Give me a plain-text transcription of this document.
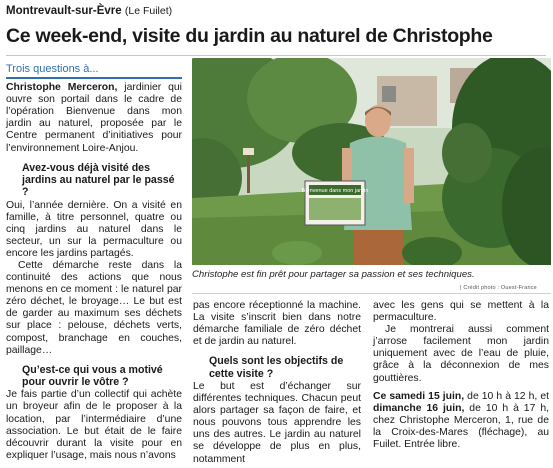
Montrevault-sur-Èvre (Le Fuilet)
Ce week-end, visite du jardin au naturel de Christophe
Trois questions à...

Christophe Merceron, jardinier qui ouvre son portail dans le cadre de l’opération Bienvenue dans mon jardin au naturel, proposée par le Centre permanent d’initiatives pour l’environnement Loire-Anjou.

Avez-vous déjà visité des jardins au naturel par le passé ?

Oui, l’année dernière. On a visité en famille, à titre personnel, quatre ou cinq jardins au naturel dans le secteur, un sur la permaculture ou encore les jardins partagés.

Cette démarche reste dans la continuité des actions que nous menons en ce moment : le naturel par zéro déchet, le broyage… Le but est de garder au maximum ses déchets sur place : pelouse, déchets verts, compost, branchage en couches, paillage…

Qu’est-ce qui vous a motivé pour ouvrir le vôtre ?

Je fais partie d’un collectif qui achète un broyeur afin de le proposer à la location, par l’intermédiaire d’une association. Le but était de le faire découvrir durant la visite pour en expliquer l’usage, mais nous n’avons

Bienvenue dans mon jardin
Christophe est fin prêt pour partager sa passion et ses techniques.
| Crédit photo : Ouest-France

pas encore réceptionné la machine. La visite s’inscrit bien dans notre démarche familiale de zéro déchet et de jardin au naturel.

Quels sont les objectifs de cette visite ?

Le but est d’échanger sur différentes techniques. Chacun peut alors partager sa façon de faire, et nous pouvons tous apprendre les uns des autres. Le jardin au naturel se développe de plus en plus, notamment

avec les gens qui se mettent à la permaculture.

Je montrerai aussi comment j’arrose facilement mon jardin uniquement avec de l’eau de pluie, grâce à la déconnexion de mes gouttières.

Ce samedi 15 juin, de 10 h à 12 h, et dimanche 16 juin, de 10 h à 17 h, chez Christophe Merceron, 1, rue de la Croix-des-Mares (fléchage), au Fuilet. Entrée libre.
